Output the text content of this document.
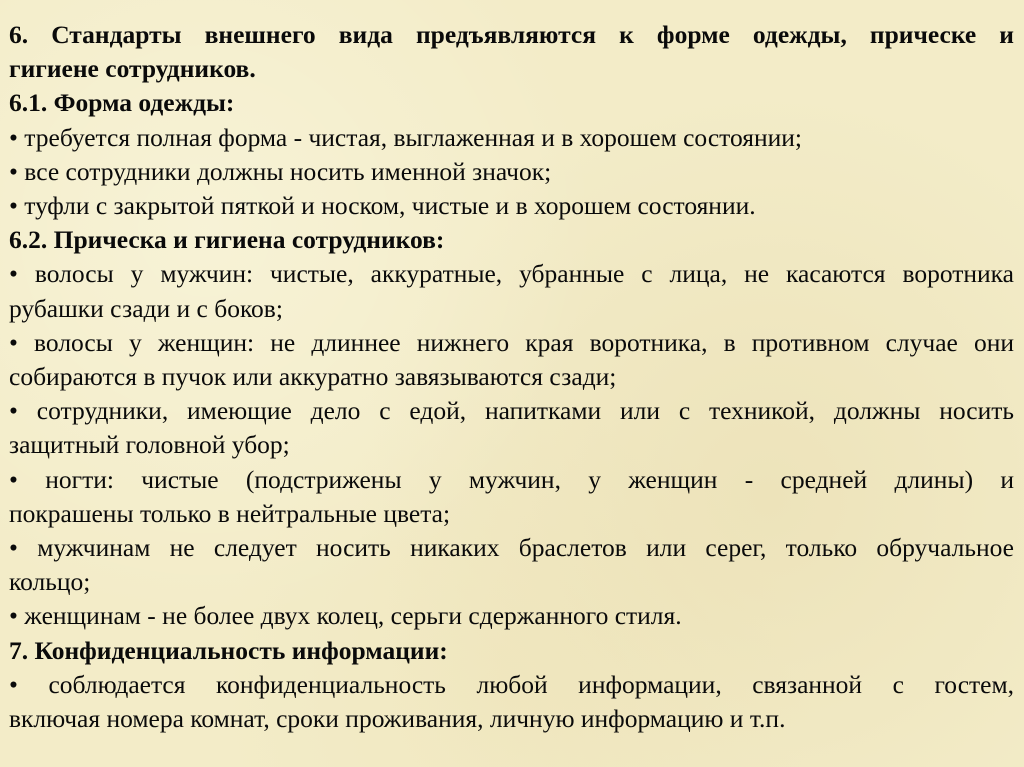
6. Стандарты внешнего вида предъявляются к форме одежды, прическе и

гигиене сотрудников.

6.1. Форма одежды:

• требуется полная форма - чистая, выглаженная и в хорошем состоянии;

• все сотрудники должны носить именной значок;

• туфли с закрытой пяткой и носком, чистые и в хорошем состоянии.

6.2. Прическа и гигиена сотрудников:

• волосы у мужчин: чистые, аккуратные, убранные с лица, не касаются воротника

рубашки сзади и с боков;

• волосы у женщин: не длиннее нижнего края воротника, в противном случае они

собираются в пучок или аккуратно завязываются сзади;

• сотрудники, имеющие дело с едой, напитками или с техникой, должны носить

защитный головной убор;

• ногти: чистые (подстрижены у мужчин, у женщин - средней длины) и

покрашены только в нейтральные цвета;

• мужчинам не следует носить никаких браслетов или серег, только обручальное

кольцо;

• женщинам - не более двух колец, серьги сдержанного стиля.

7. Конфиденциальность информации:

• соблюдается конфиденциальность любой информации, связанной с гостем,

включая номера комнат, сроки проживания, личную информацию и т.п.
